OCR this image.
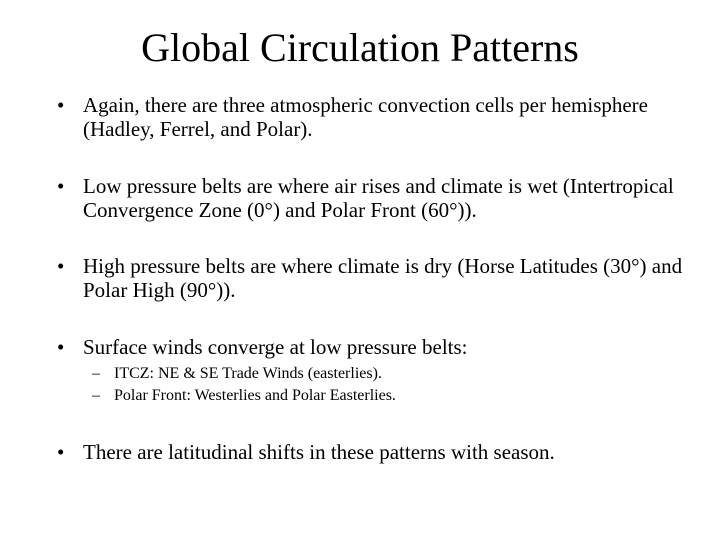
Global Circulation Patterns
• Again, there are three atmospheric convection cells per hemisphere (Hadley, Ferrel, and Polar).
• Low pressure belts are where air rises and climate is wet (Intertropical Convergence Zone (0°) and Polar Front (60°)).
• High pressure belts are where climate is dry (Horse Latitudes (30°) and Polar High (90°)).
• Surface winds converge at low pressure belts:
– ITCZ: NE & SE Trade Winds (easterlies).
– Polar Front: Westerlies and Polar Easterlies.
• There are latitudinal shifts in these patterns with season.
